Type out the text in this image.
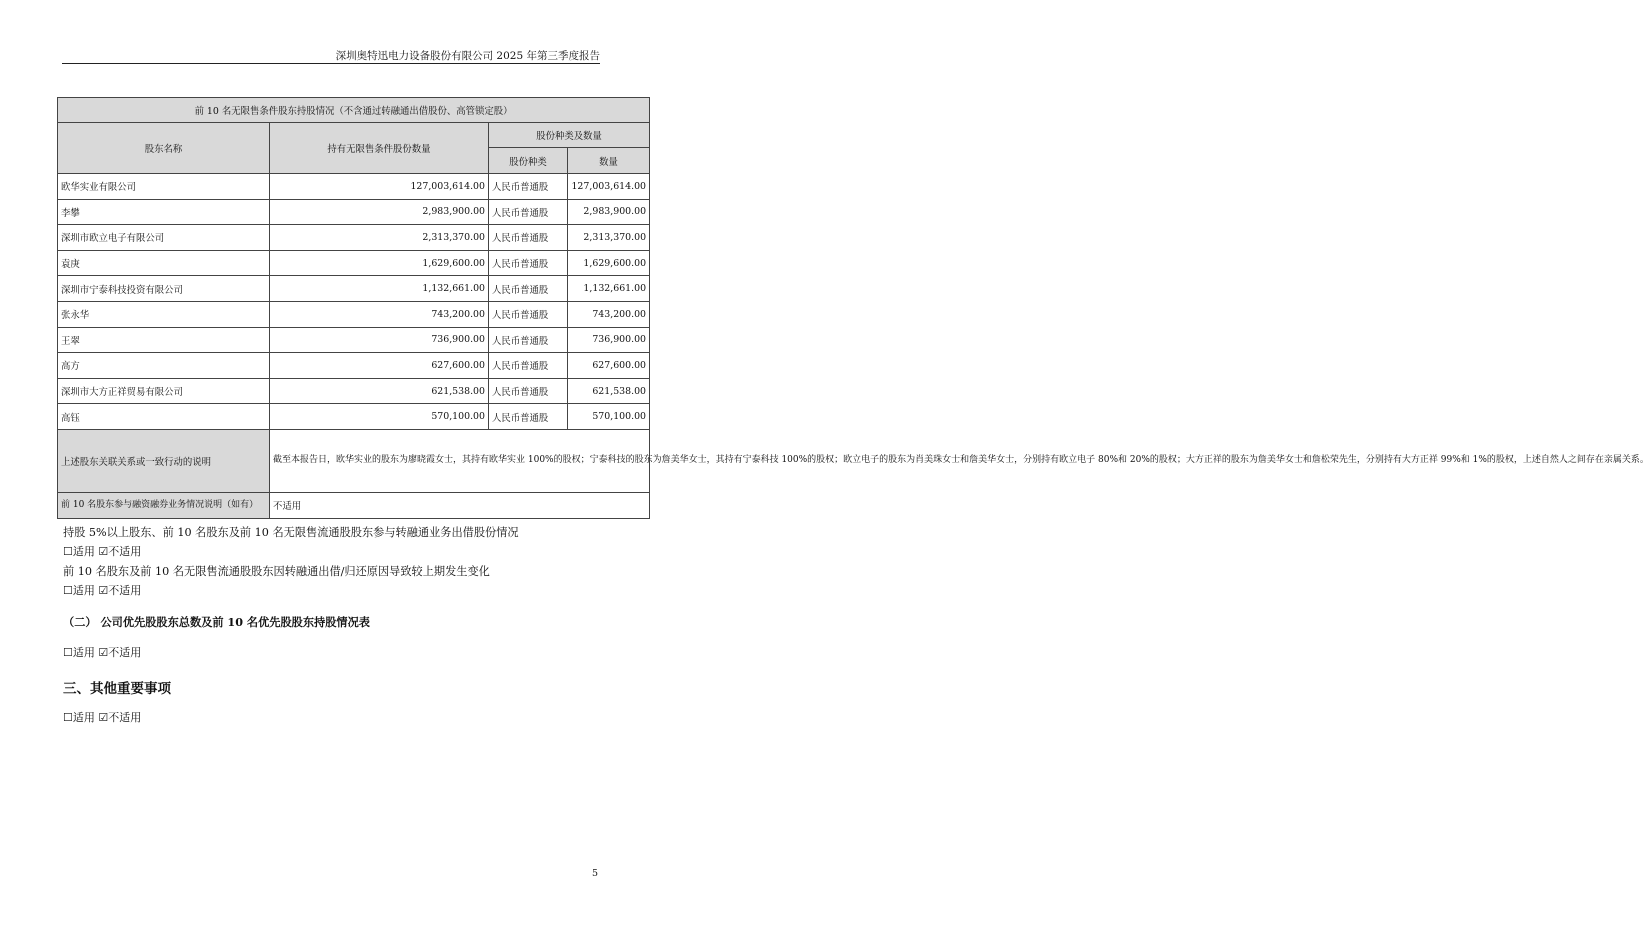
深圳奥特迅电力设备股份有限公司 2025 年第三季度报告
前 10 名无限售条件股东持股情况（不含通过转融通出借股份、高管锁定股）			
股东名称	持有无限售条件股份数量	股份种类及数量	
		股份种类	数量
欧华实业有限公司	127,003,614.00	人民币普通股	127,003,614.00
李攀	2,983,900.00	人民币普通股	2,983,900.00
深圳市欧立电子有限公司	2,313,370.00	人民币普通股	2,313,370.00
袁庚	1,629,600.00	人民币普通股	1,629,600.00
深圳市宁泰科技投资有限公司	1,132,661.00	人民币普通股	1,132,661.00
张永华	743,200.00	人民币普通股	743,200.00
王翠	736,900.00	人民币普通股	736,900.00
高方	627,600.00	人民币普通股	627,600.00
深圳市大方正祥贸易有限公司	621,538.00	人民币普通股	621,538.00
高钰	570,100.00	人民币普通股	570,100.00
上述股东关联关系或一致行动的说明	截至本报告日，欧华实业的股东为廖晓霞女士，其持有欧华实业 100%的股权；宁泰科技的股东为詹美华女士，其持有宁泰科技 100%的股权；欧立电子的股东为肖美珠女士和詹美华女士，分别持有欧立电子 80%和 20%的股权；大方正祥的股东为詹美华女士和詹松荣先生，分别持有大方正祥 99%和 1%的股权，上述自然人之间存在亲属关系。		
前 10 名股东参与融资融券业务情况说明（如有）	不适用		
持股 5%以上股东、前 10 名股东及前 10 名无限售流通股股东参与转融通业务出借股份情况
☐适用 ☑不适用
前 10 名股东及前 10 名无限售流通股股东因转融通出借/归还原因导致较上期发生变化
☐适用 ☑不适用
（二） 公司优先股股东总数及前 10 名优先股股东持股情况表
☐适用 ☑不适用
三、其他重要事项
☐适用 ☑不适用
5
